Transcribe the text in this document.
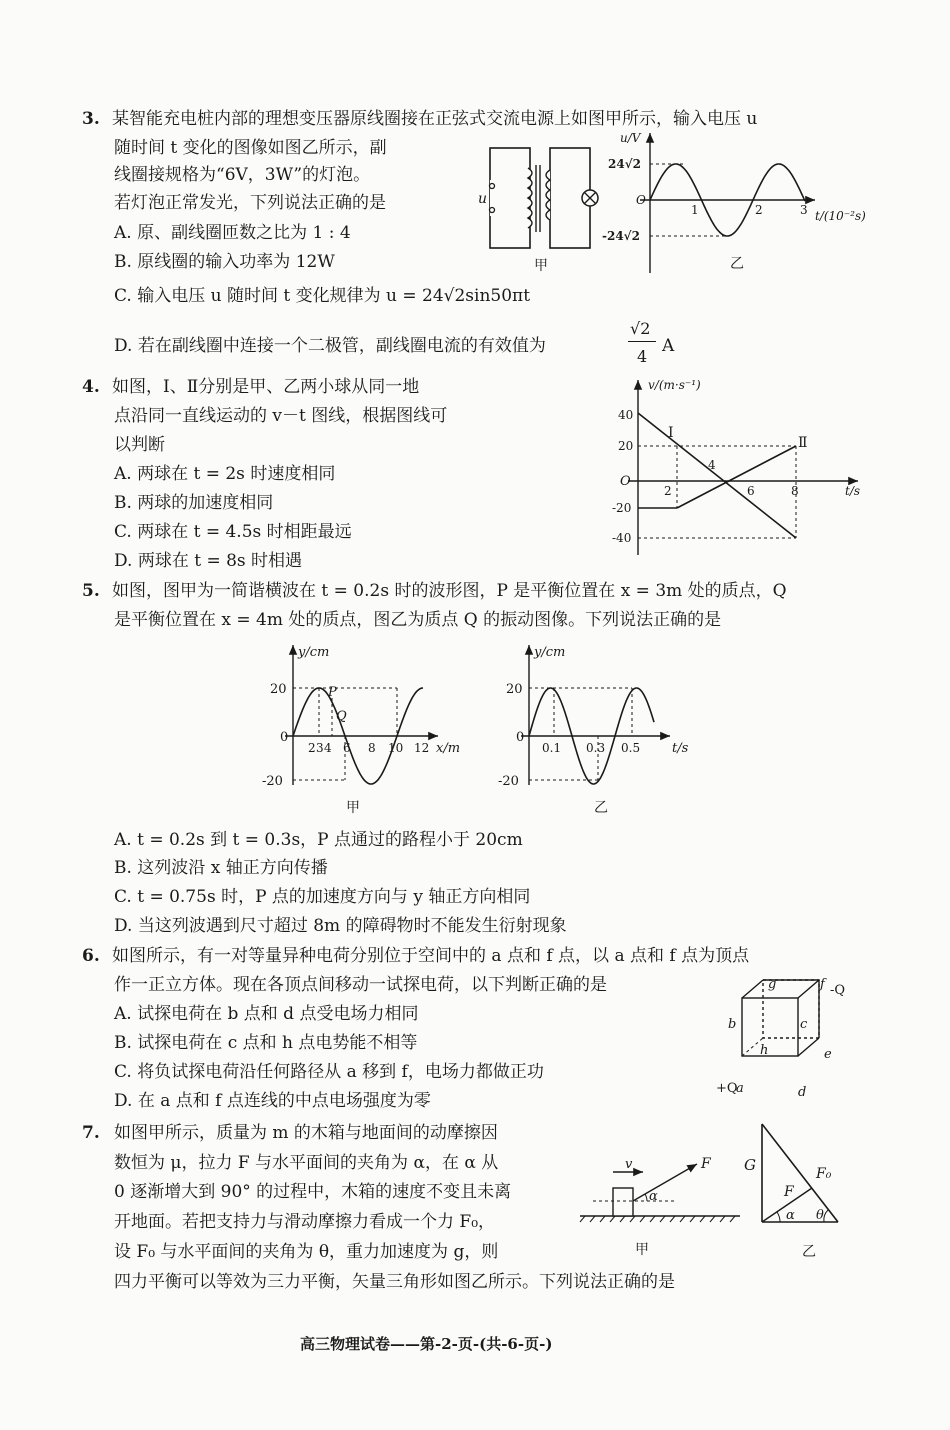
3. 某智能充电桩内部的理想变压器原线圈接在正弦式交流电源上如图甲所示，输入电压 u
随时间 t 变化的图像如图乙所示，副
线圈接规格为“6V，3W”的灯泡。
若灯泡正常发光，下列说法正确的是
A. 原、副线圈匝数之比为 1 : 4
B. 原线圈的输入功率为 12W
C. 输入电压 u 随时间 t 变化规律为 u = 24√2sin50πt
D. 若在副线圈中连接一个二极管，副线圈电流的有效值为
√2
4
A
u
甲
u/V
24√2
O
-24√2
1	2	3 t/(10⁻²s)
乙
4. 如图，Ⅰ、Ⅱ分别是甲、乙两小球从同一地
点沿同一直线运动的 v－t 图线，根据图线可
以判断
A. 两球在 t = 2s 时速度相同
B. 两球的加速度相同
C. 两球在 t = 4.5s 时相距最远
D. 两球在 t = 8s 时相遇
v/(m·s⁻¹)
40
20
O
-20
-40
2
4
6	8	t/s
Ⅰ
Ⅱ
5. 如图，图甲为一简谐横波在 t = 0.2s 时的波形图，P 是平衡位置在 x = 3m 处的质点，Q
是平衡位置在 x = 4m 处的质点，图乙为质点 Q 的振动图像。下列说法正确的是
y/cm
20
0
-20
2 3 4 6 8 10 12 x/m
P
Q
甲
y/cm
20
0
-20
0.1 0.3 0.5 t/s
乙
A. t = 0.2s 到 t = 0.3s，P 点通过的路程小于 20cm
B. 这列波沿 x 轴正方向传播
C. t = 0.75s 时，P 点的加速度方向与 y 轴正方向相同
D. 当这列波遇到尺寸超过 8m 的障碍物时不能发生衍射现象
6. 如图所示，有一对等量异种电荷分别位于空间中的 a 点和 f 点，以 a 点和 f 点为顶点
作一正立方体。现在各顶点间移动一试探电荷，以下判断正确的是
A. 试探电荷在 b 点和 d 点受电场力相同
B. 试探电荷在 c 点和 h 点电势能不相等
C. 将负试探电荷沿任何路径从 a 移到 f，电场力都做正功
D. 在 a 点和 f 点连线的中点电场强度为零
g	f -Q
b	c
h	e
+Q
a	d
7. 如图甲所示，质量为 m 的木箱与地面间的动摩擦因
数恒为 μ，拉力 F 与水平面间的夹角为 α，在 α 从
0 逐渐增大到 90° 的过程中，木箱的速度不变且未离
开地面。若把支持力与滑动摩擦力看成一个力 F₀，
设 F₀ 与水平面间的夹角为 θ，重力加速度为 g，则
四力平衡可以等效为三力平衡，矢量三角形如图乙所示。下列说法正确的是
v	F
α
甲
G	F₀
F
α θ
乙
高三物理试卷——第-2-页-(共-6-页-)
